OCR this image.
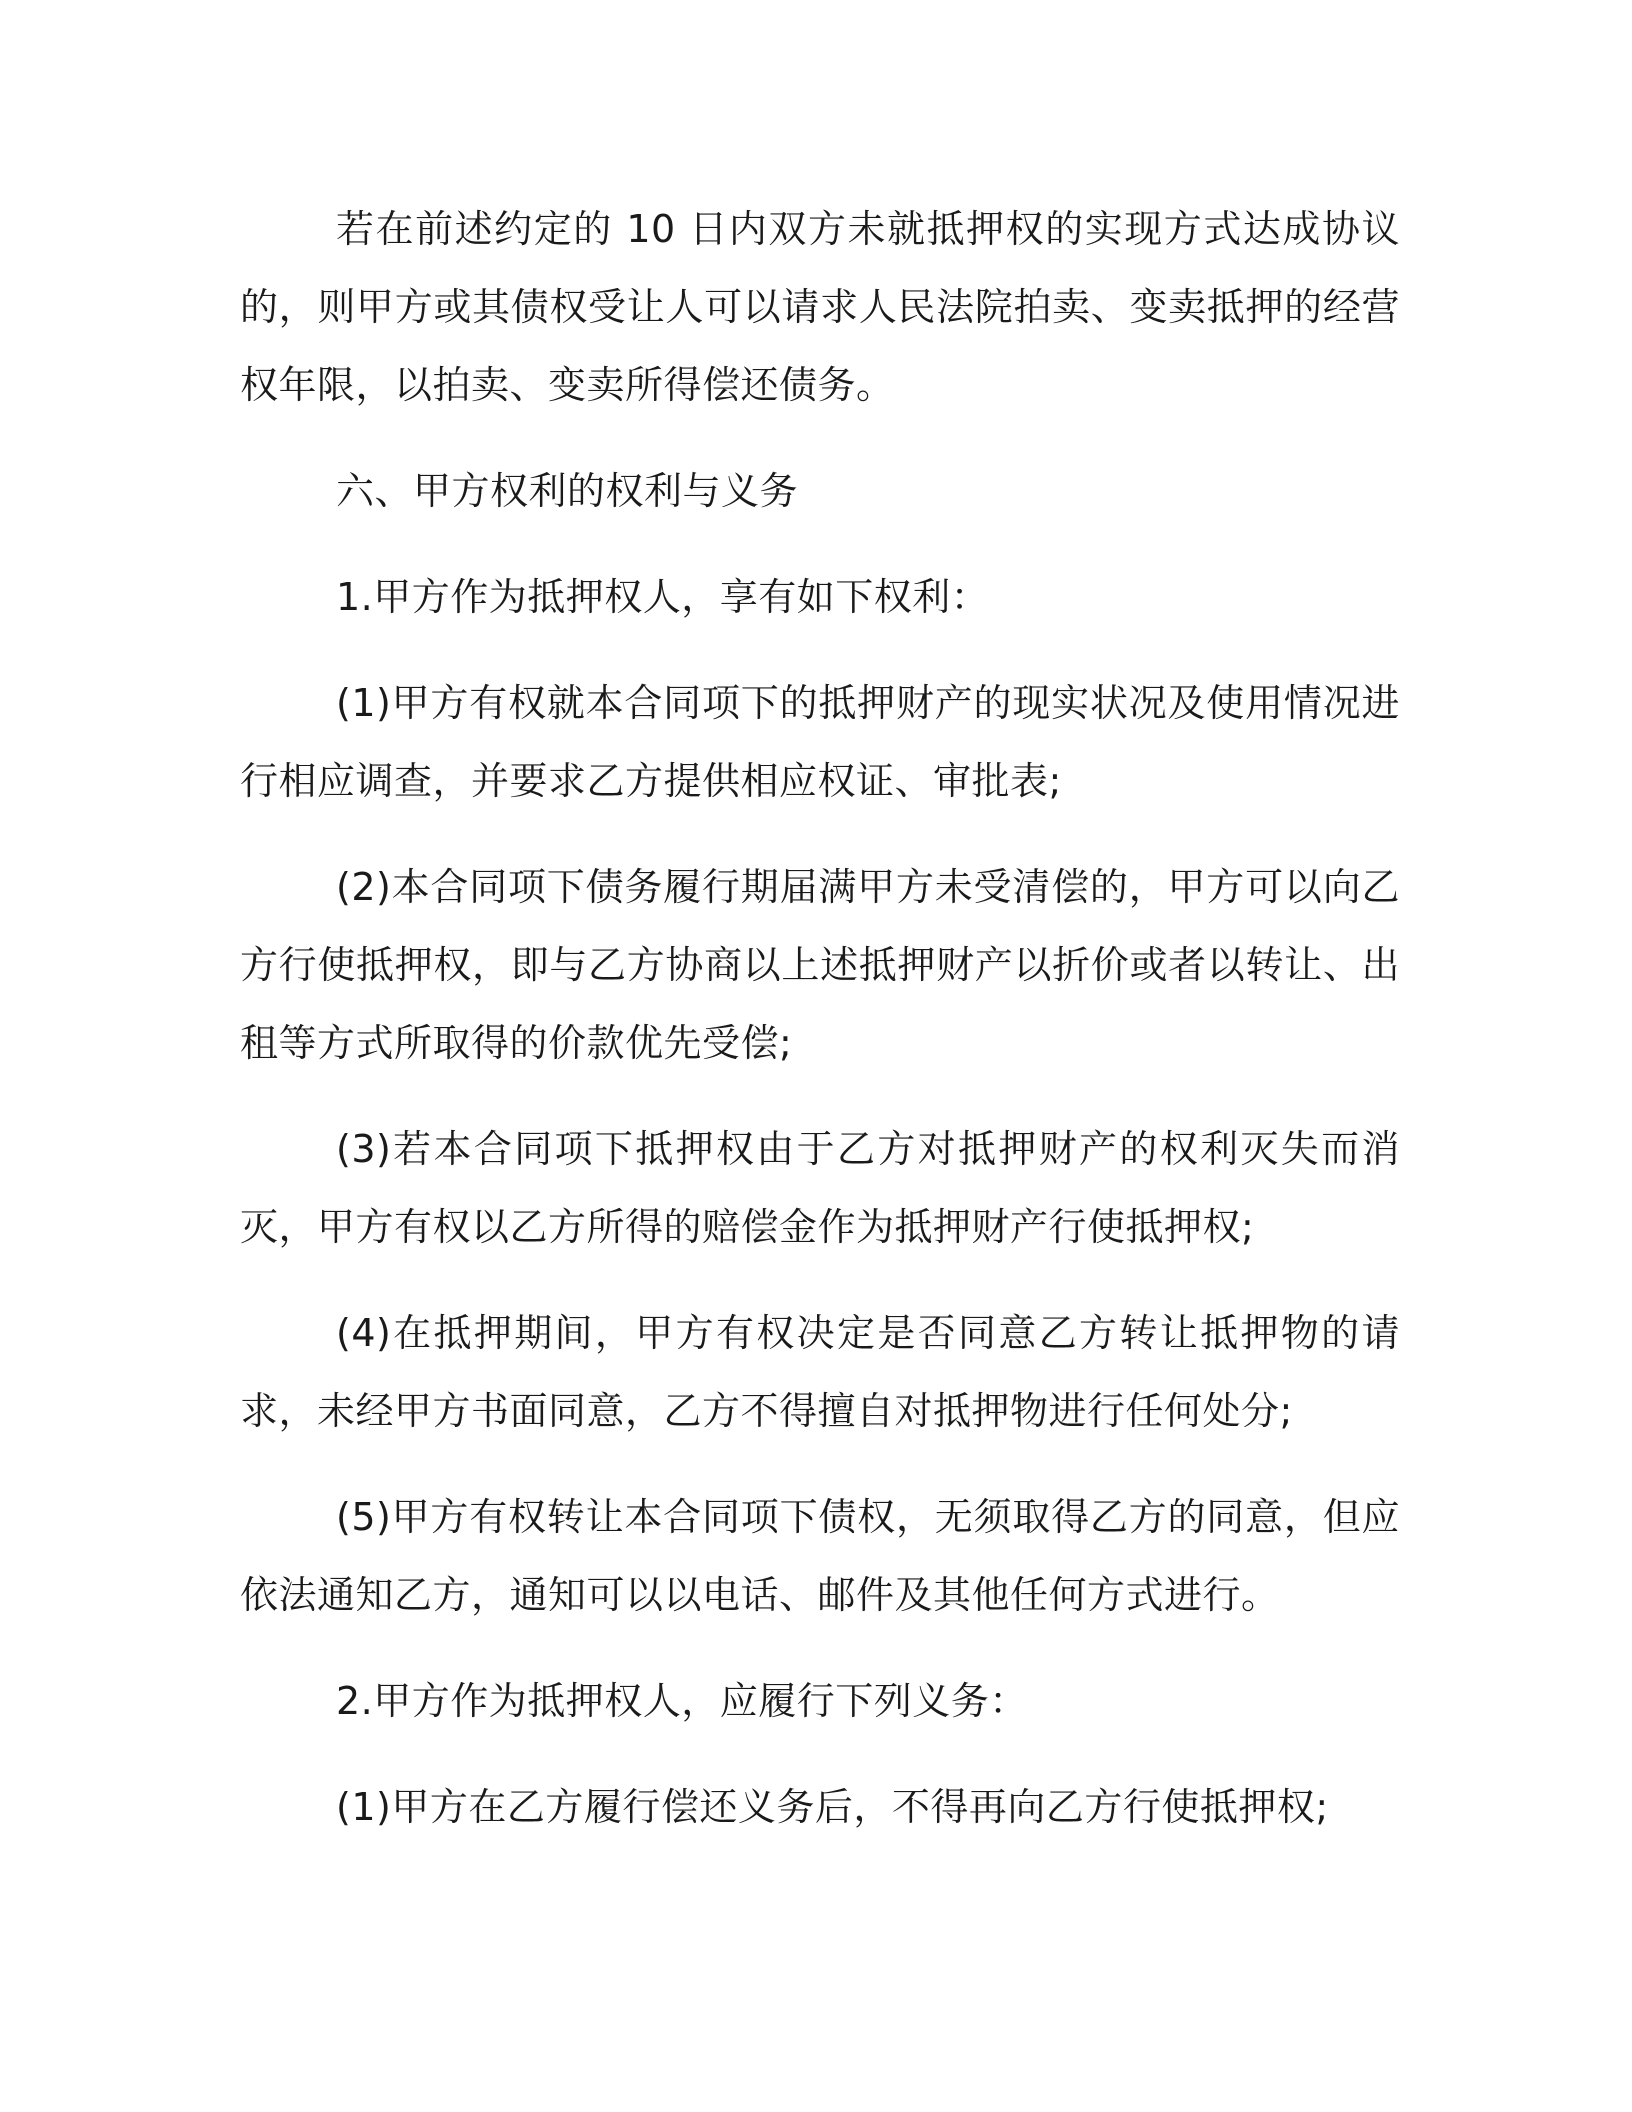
若在前述约定的 10 日内双方未就抵押权的实现方式达成协议的，则甲方或其债权受让人可以请求人民法院拍卖、变卖抵押的经营权年限，以拍卖、变卖所得偿还债务。

六、甲方权利的权利与义务

1.甲方作为抵押权人，享有如下权利：

(1)甲方有权就本合同项下的抵押财产的现实状况及使用情况进行相应调查，并要求乙方提供相应权证、审批表;

(2)本合同项下债务履行期届满甲方未受清偿的，甲方可以向乙方行使抵押权，即与乙方协商以上述抵押财产以折价或者以转让、出租等方式所取得的价款优先受偿;

(3)若本合同项下抵押权由于乙方对抵押财产的权利灭失而消灭，甲方有权以乙方所得的赔偿金作为抵押财产行使抵押权;

(4)在抵押期间，甲方有权决定是否同意乙方转让抵押物的请求，未经甲方书面同意，乙方不得擅自对抵押物进行任何处分;

(5)甲方有权转让本合同项下债权，无须取得乙方的同意，但应依法通知乙方，通知可以以电话、邮件及其他任何方式进行。

2.甲方作为抵押权人，应履行下列义务：

(1)甲方在乙方履行偿还义务后，不得再向乙方行使抵押权;
